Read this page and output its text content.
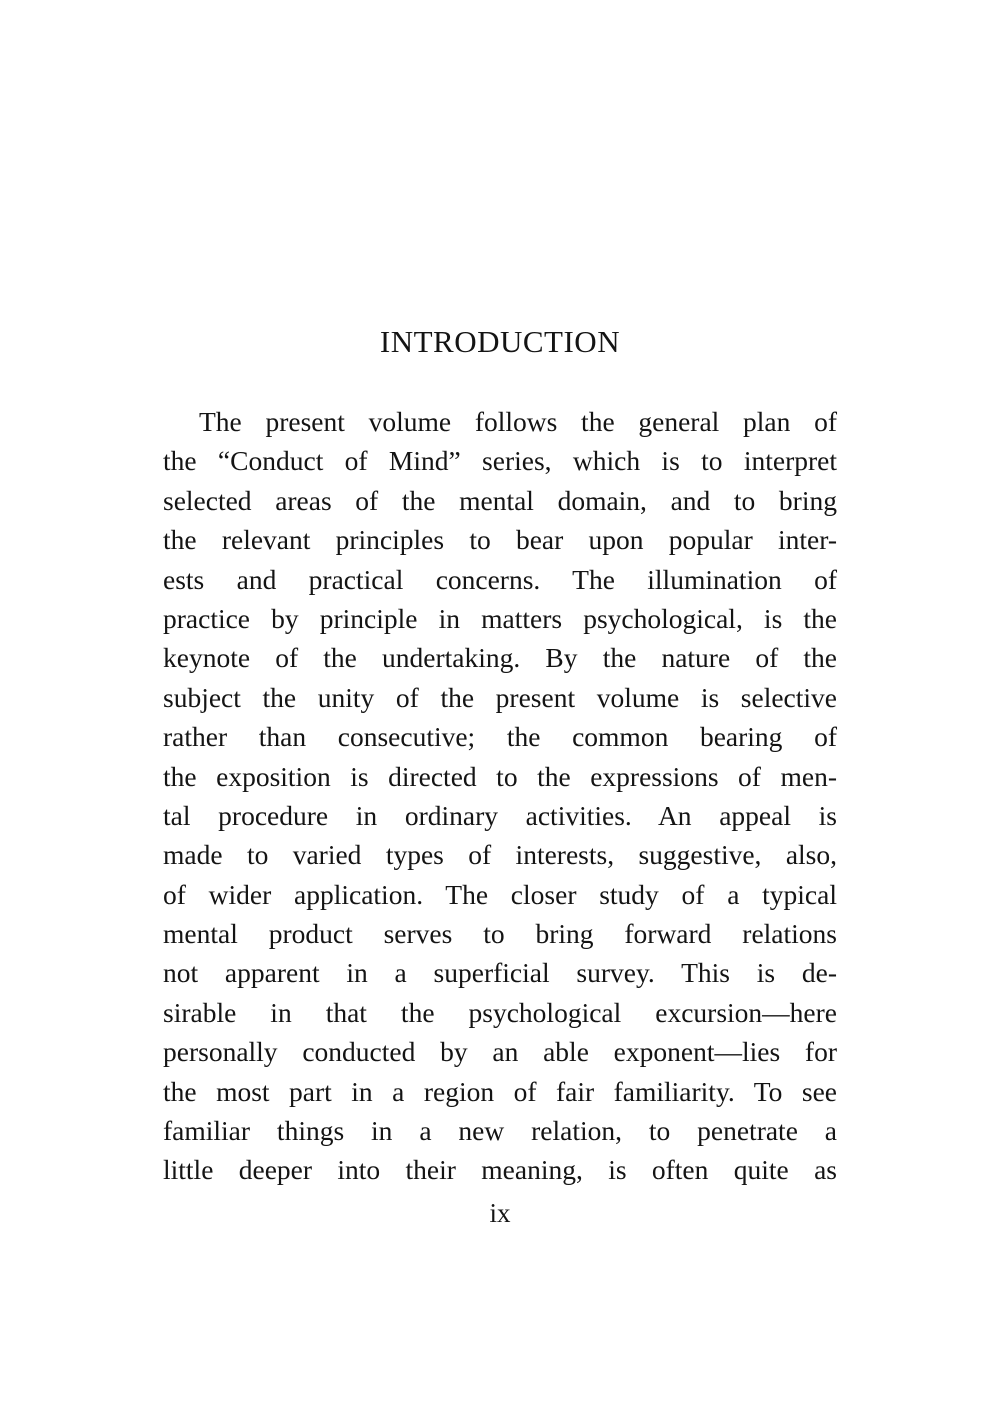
INTRODUCTION
The present volume follows the general plan of
the “Conduct of Mind” series, which is to interpret
selected areas of the mental domain, and to bring
the relevant principles to bear upon popular inter-
ests and practical concerns. The illumination of
practice by principle in matters psychological, is the
keynote of the undertaking. By the nature of the
subject the unity of the present volume is selective
rather than consecutive; the common bearing of
the exposition is directed to the expressions of men-
tal procedure in ordinary activities. An appeal is
made to varied types of interests, suggestive, also,
of wider application. The closer study of a typical
mental product serves to bring forward relations
not apparent in a superficial survey. This is de-
sirable in that the psychological excursion—here
personally conducted by an able exponent—lies for
the most part in a region of fair familiarity. To see
familiar things in a new relation, to penetrate a
little deeper into their meaning, is often quite as
ix
